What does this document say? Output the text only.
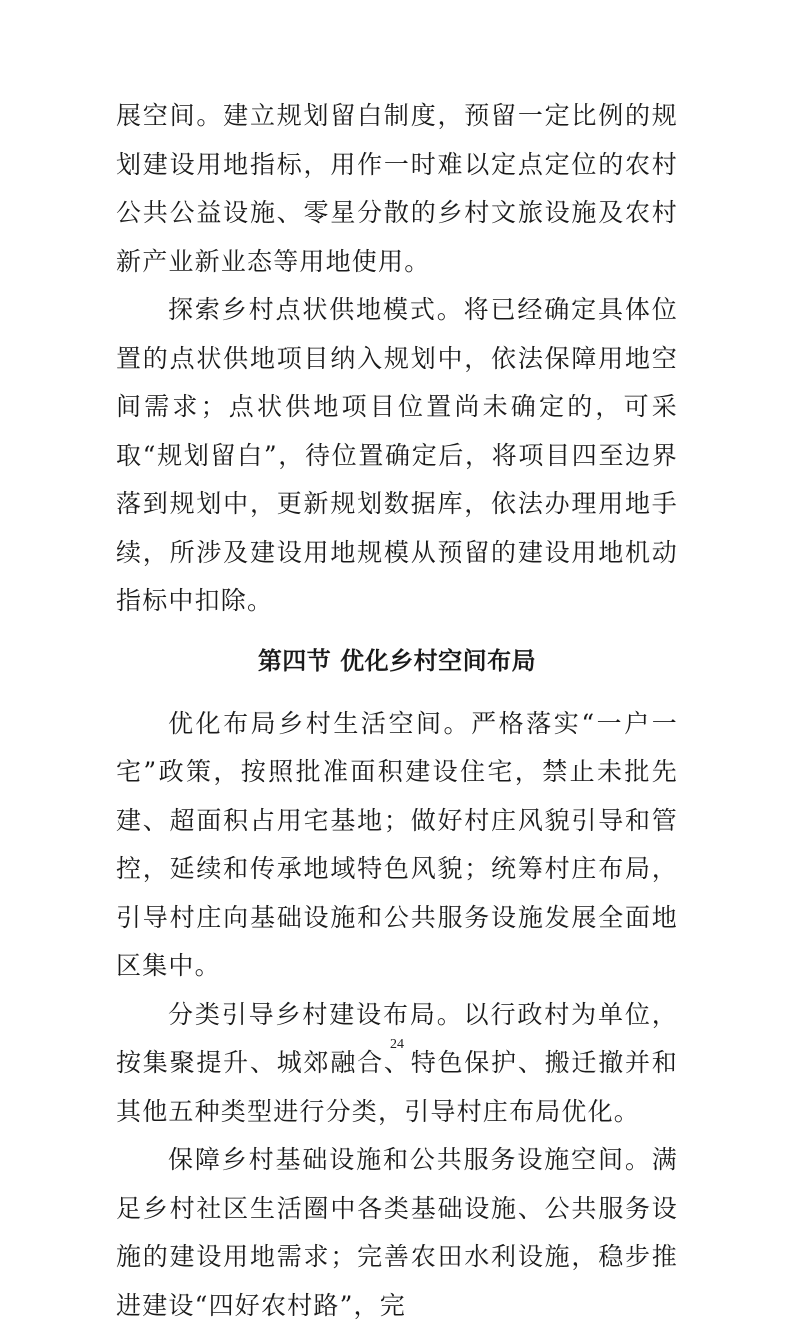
展空间。建立规划留白制度，预留一定比例的规划建设用地指标，用作一时难以定点定位的农村公共公益设施、零星分散的乡村文旅设施及农村新产业新业态等用地使用。

探索乡村点状供地模式。将已经确定具体位置的点状供地项目纳入规划中，依法保障用地空间需求；点状供地项目位置尚未确定的，可采取“规划留白”，待位置确定后，将项目四至边界落到规划中，更新规划数据库，依法办理用地手续，所涉及建设用地规模从预留的建设用地机动指标中扣除。

第四节 优化乡村空间布局

优化布局乡村生活空间。严格落实“一户一宅”政策，按照批准面积建设住宅，禁止未批先建、超面积占用宅基地；做好村庄风貌引导和管控，延续和传承地域特色风貌；统筹村庄布局，引导村庄向基础设施和公共服务设施发展全面地区集中。

分类引导乡村建设布局。以行政村为单位，按集聚提升、城郊融合、特色保护、搬迁撤并和其他五种类型进行分类，引导村庄布局优化。

保障乡村基础设施和公共服务设施空间。满足乡村社区生活圈中各类基础设施、公共服务设施的建设用地需求；完善农田水利设施，稳步推进建设“四好农村路”，完

24
